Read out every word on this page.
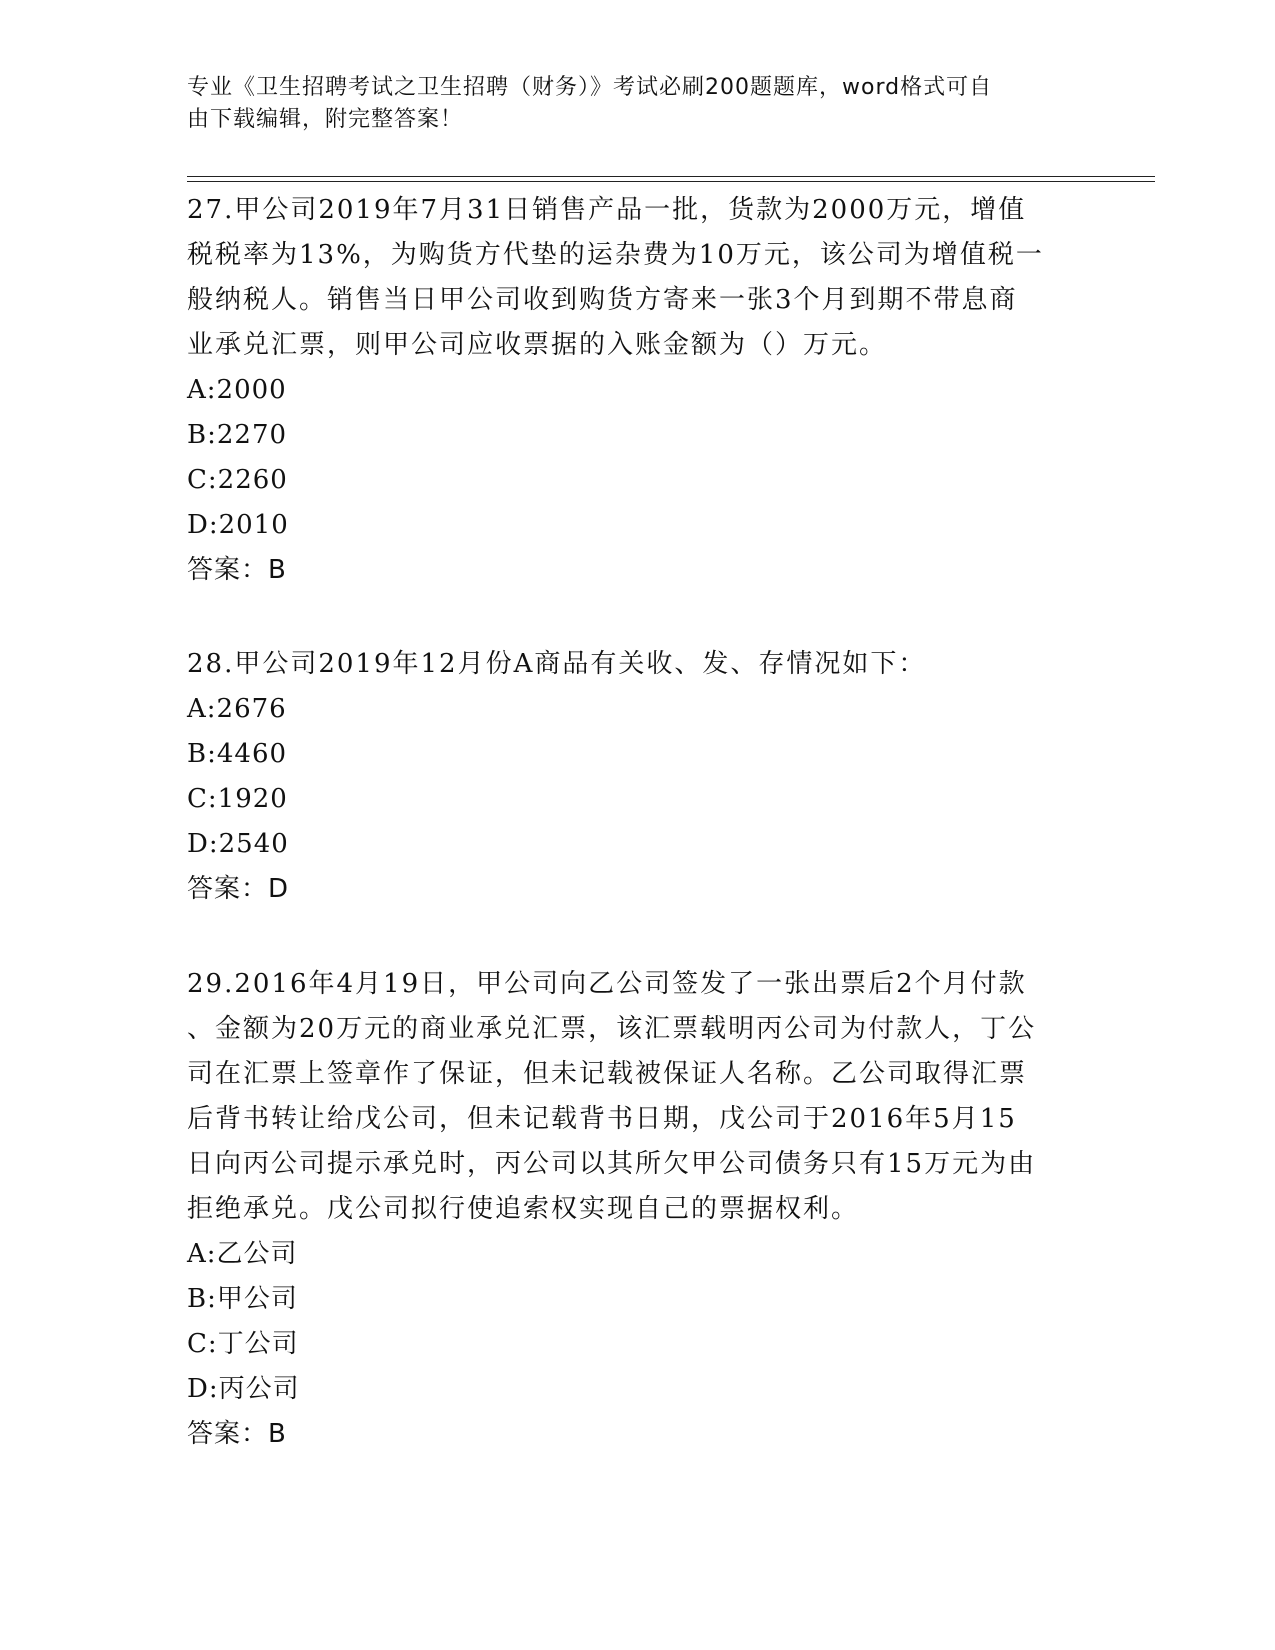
专业《卫生招聘考试之卫生招聘（财务）》考试必刷200题题库，word格式可自
由下载编辑，附完整答案！

27.甲公司2019年7月31日销售产品一批，货款为2000万元，增值

税税率为13%，为购货方代垫的运杂费为10万元，该公司为增值税一

般纳税人。销售当日甲公司收到购货方寄来一张3个月到期不带息商

业承兑汇票，则甲公司应收票据的入账金额为（）万元。

A:2000

B:2270

C:2260

D:2010

答案：B

28.甲公司2019年12月份A商品有关收、发、存情况如下：

A:2676

B:4460

C:1920

D:2540

答案：D

29.2016年4月19日，甲公司向乙公司签发了一张出票后2个月付款

、金额为20万元的商业承兑汇票，该汇票载明丙公司为付款人，丁公

司在汇票上签章作了保证，但未记载被保证人名称。乙公司取得汇票

后背书转让给戊公司，但未记载背书日期，戊公司于2016年5月15

日向丙公司提示承兑时，丙公司以其所欠甲公司债务只有15万元为由

拒绝承兑。戊公司拟行使追索权实现自己的票据权利。

A:乙公司

B:甲公司

C:丁公司

D:丙公司

答案：B
